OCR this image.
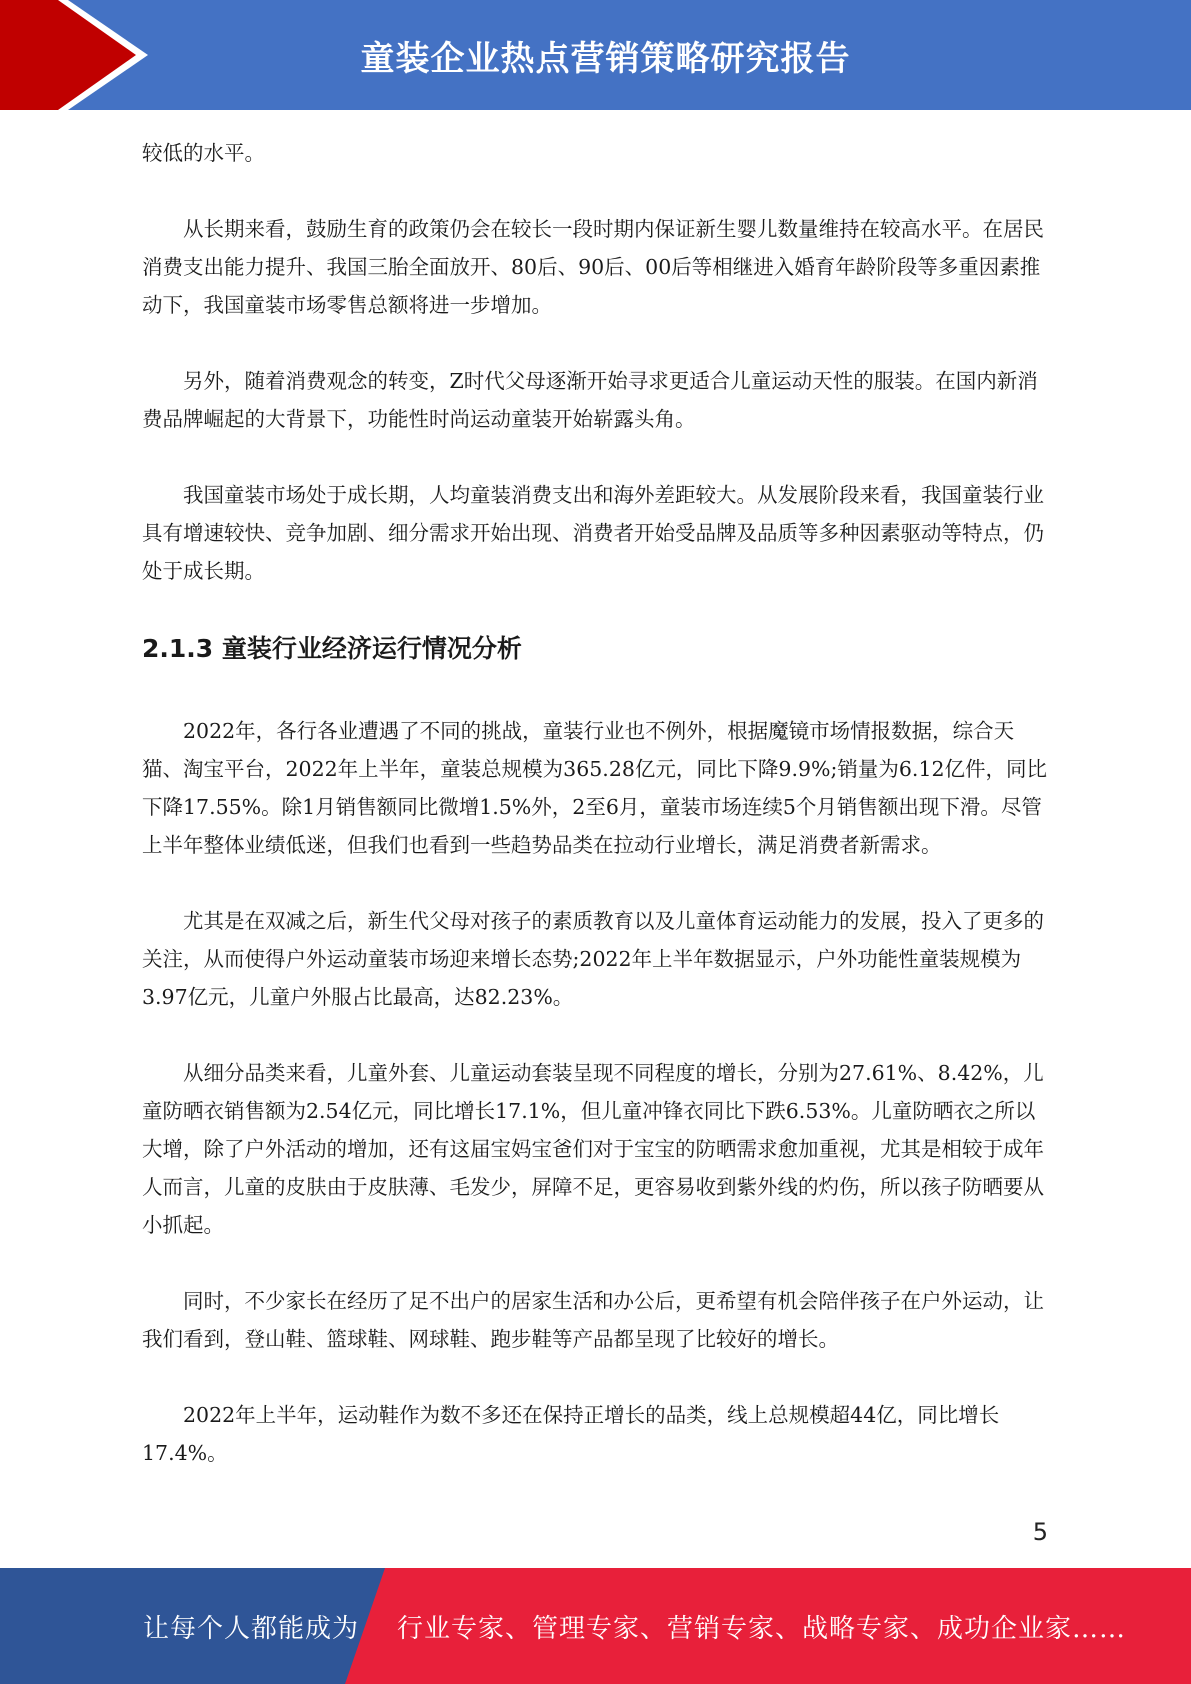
童装企业热点营销策略研究报告

较低的水平。

从长期来看，鼓励生育的政策仍会在较长一段时期内保证新生婴儿数量维持在较高水平。在居民消费支出能力提升、我国三胎全面放开、80后、90后、00后等相继进入婚育年龄阶段等多重因素推动下，我国童装市场零售总额将进一步增加。

另外，随着消费观念的转变，Z时代父母逐渐开始寻求更适合儿童运动天性的服装。在国内新消费品牌崛起的大背景下，功能性时尚运动童装开始崭露头角。

我国童装市场处于成长期，人均童装消费支出和海外差距较大。从发展阶段来看，我国童装行业具有增速较快、竞争加剧、细分需求开始出现、消费者开始受品牌及品质等多种因素驱动等特点，仍处于成长期。

2.1.3 童装行业经济运行情况分析

2022年，各行各业遭遇了不同的挑战，童装行业也不例外，根据魔镜市场情报数据，综合天猫、淘宝平台，2022年上半年，童装总规模为365.28亿元，同比下降9.9%;销量为6.12亿件，同比下降17.55%。除1月销售额同比微增1.5%外，2至6月，童装市场连续5个月销售额出现下滑。尽管上半年整体业绩低迷，但我们也看到一些趋势品类在拉动行业增长，满足消费者新需求。

尤其是在双减之后，新生代父母对孩子的素质教育以及儿童体育运动能力的发展，投入了更多的关注，从而使得户外运动童装市场迎来增长态势;2022年上半年数据显示，户外功能性童装规模为3.97亿元，儿童户外服占比最高，达82.23%。

从细分品类来看，儿童外套、儿童运动套装呈现不同程度的增长，分别为27.61%、8.42%，儿童防晒衣销售额为2.54亿元，同比增长17.1%，但儿童冲锋衣同比下跌6.53%。儿童防晒衣之所以大增，除了户外活动的增加，还有这届宝妈宝爸们对于宝宝的防晒需求愈加重视，尤其是相较于成年人而言，儿童的皮肤由于皮肤薄、毛发少，屏障不足，更容易收到紫外线的灼伤，所以孩子防晒要从小抓起。

同时，不少家长在经历了足不出户的居家生活和办公后，更希望有机会陪伴孩子在户外运动，让我们看到，登山鞋、篮球鞋、网球鞋、跑步鞋等产品都呈现了比较好的增长。

2022年上半年，运动鞋作为数不多还在保持正增长的品类，线上总规模超44亿，同比增长17.4%。

5
让每个人都能成为 行业专家、管理专家、营销专家、战略专家、成功企业家……
